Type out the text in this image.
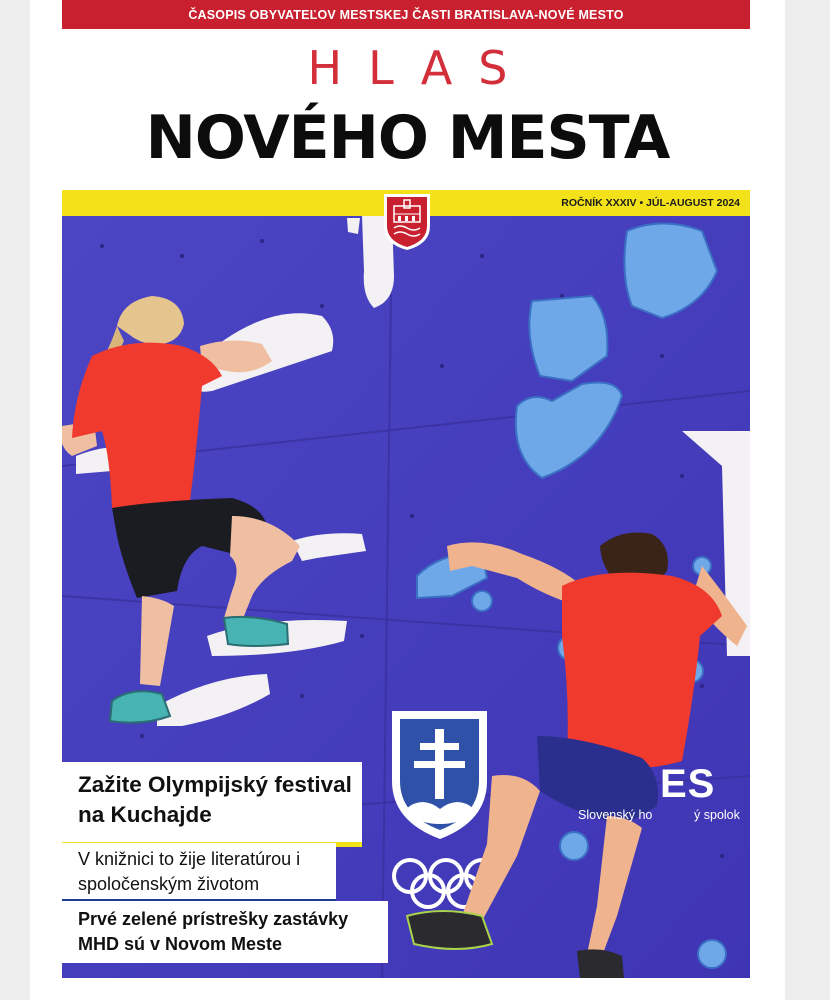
ČASOPIS OBYVATEĽOV MESTSKEJ ČASTI BRATISLAVA-NOVÉ MESTO
HLAS
NOVÉHO MESTA
ROČNÍK XXXIV • JÚL-AUGUST 2024
ES
Slovenský ho            ý spolok
Zažite Olympijský festival na Kuchajde
V knižnici to žije literatúrou i spoločenským životom
Prvé zelené prístrešky zastávky MHD sú v Novom Meste
